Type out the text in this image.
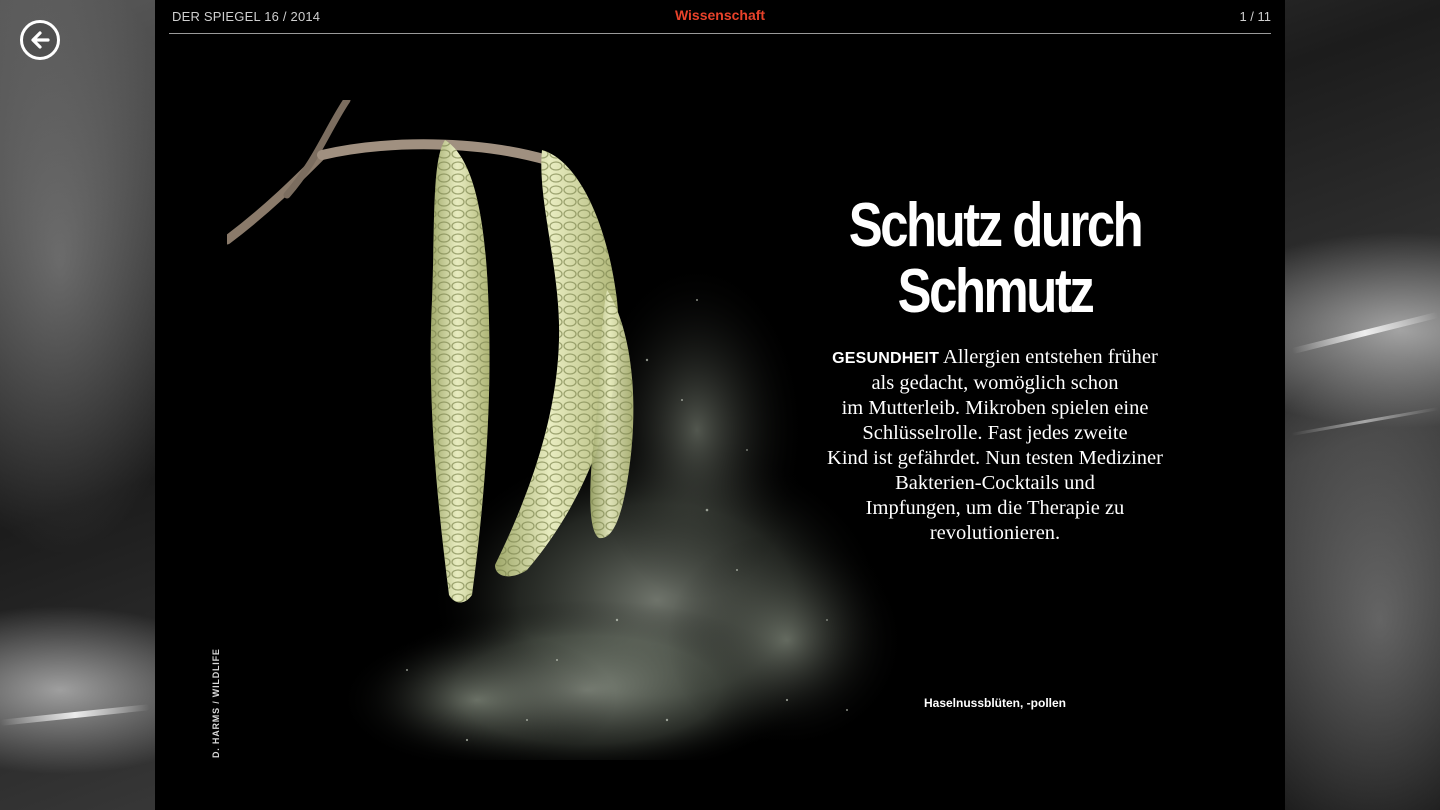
DER SPIEGEL 16 / 2014	Wissenschaft	1 / 11
D. HARMS / WILDLIFE
Schutz durch
Schmutz
GESUNDHEIT Allergien entstehen früher
als gedacht, womöglich schon
im Mutterleib. Mikroben spielen eine
Schlüsselrolle. Fast jedes zweite
Kind ist gefährdet. Nun testen Mediziner
Bakterien-Cocktails und
Impfungen, um die Therapie zu
revolutionieren.
Haselnussblüten, -pollen
